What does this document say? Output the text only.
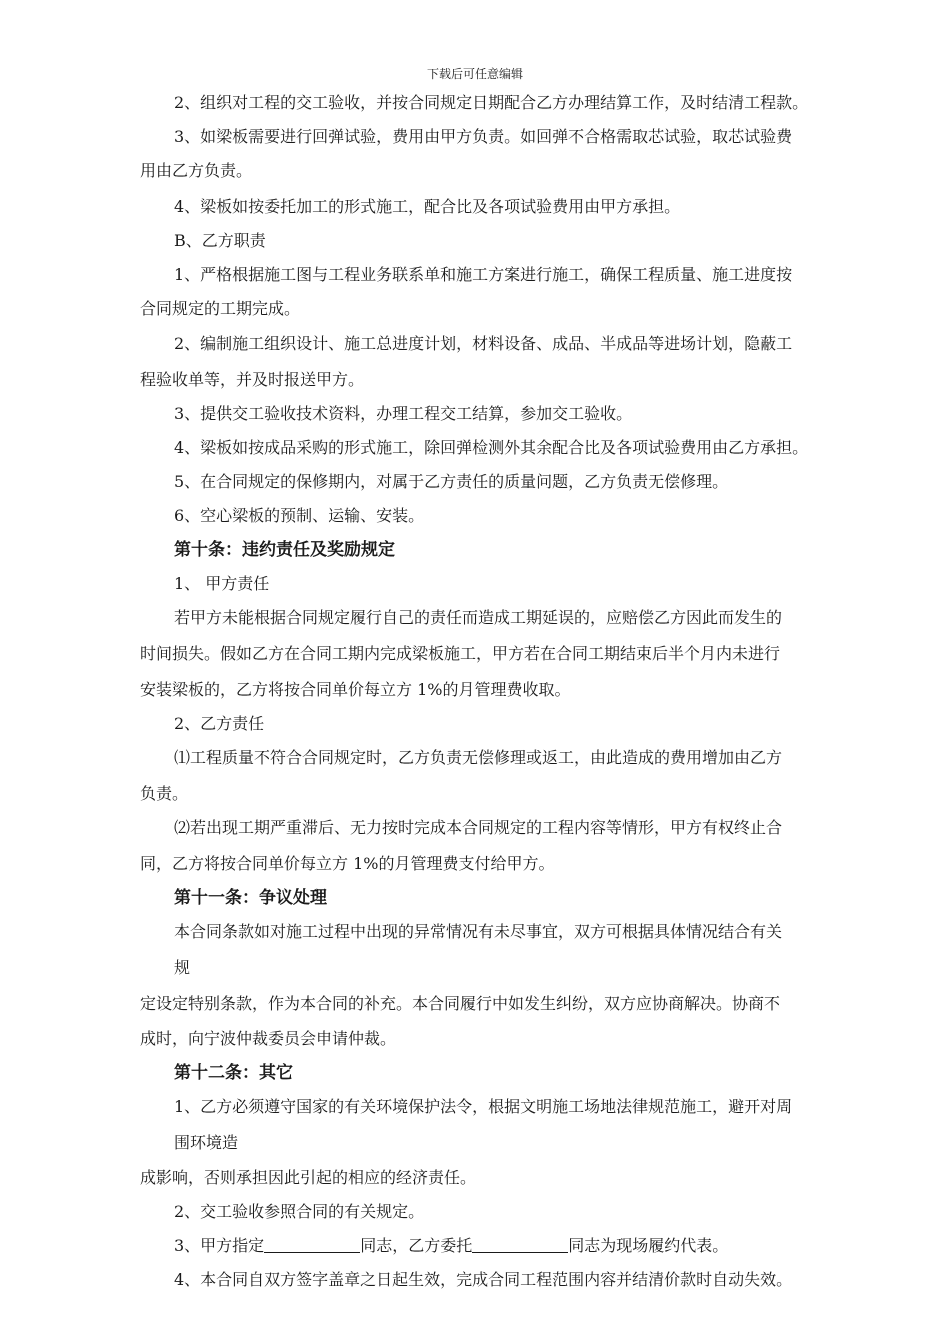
下载后可任意编辑
2、组织对工程的交工验收，并按合同规定日期配合乙方办理结算工作，及时结清工程款。
3、如梁板需要进行回弹试验，费用由甲方负责。如回弹不合格需取芯试验，取芯试验费
用由乙方负责。
4、梁板如按委托加工的形式施工，配合比及各项试验费用由甲方承担。
B、乙方职责
1、严格根据施工图与工程业务联系单和施工方案进行施工，确保工程质量、施工进度按
合同规定的工期完成。
2、编制施工组织设计、施工总进度计划，材料设备、成品、半成品等进场计划，隐蔽工
程验收单等，并及时报送甲方。
3、提供交工验收技术资料，办理工程交工结算，参加交工验收。
4、梁板如按成品采购的形式施工，除回弹检测外其余配合比及各项试验费用由乙方承担。
5、在合同规定的保修期内，对属于乙方责任的质量问题，乙方负责无偿修理。
6、空心梁板的预制、运输、安装。
第十条：违约责任及奖励规定
1、 甲方责任
若甲方未能根据合同规定履行自己的责任而造成工期延误的，应赔偿乙方因此而发生的
时间损失。假如乙方在合同工期内完成梁板施工，甲方若在合同工期结束后半个月内未进行
安装梁板的，乙方将按合同单价每立方 1%的月管理费收取。
2、乙方责任
⑴工程质量不符合合同规定时，乙方负责无偿修理或返工，由此造成的费用增加由乙方
负责。
⑵若出现工期严重滞后、无力按时完成本合同规定的工程内容等情形，甲方有权终止合
同，乙方将按合同单价每立方 1%的月管理费支付给甲方。
第十一条：争议处理
本合同条款如对施工过程中出现的异常情况有未尽事宜，双方可根据具体情况结合有关
规
定设定特别条款，作为本合同的补充。本合同履行中如发生纠纷，双方应协商解决。协商不
成时，向宁波仲裁委员会申请仲裁。
第十二条：其它
1、乙方必须遵守国家的有关环境保护法令，根据文明施工场地法律规范施工，避开对周
围环境造
成影响，否则承担因此引起的相应的经济责任。
2、交工验收参照合同的有关规定。
3、甲方指定	同志，乙方委托	同志为现场履约代表。
4、本合同自双方签字盖章之日起生效，完成合同工程范围内容并结清价款时自动失效。
